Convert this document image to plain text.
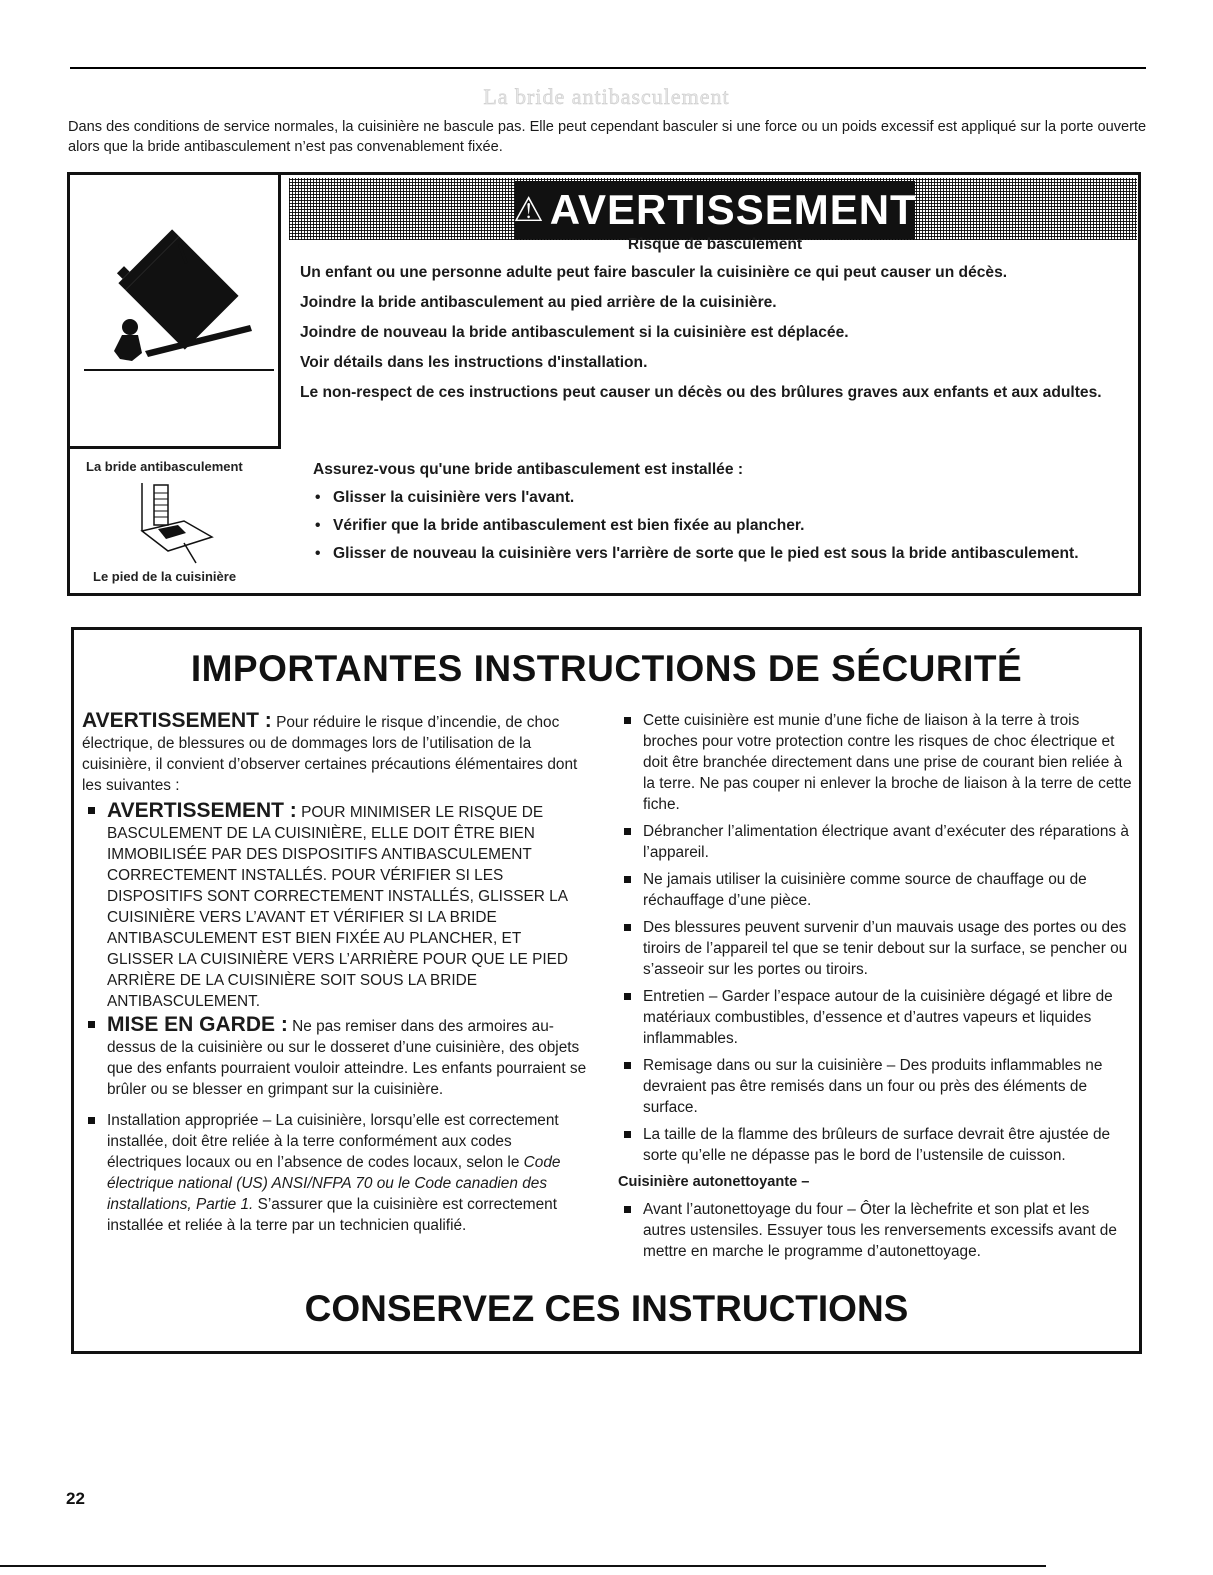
La bride antibasculement
Dans des conditions de service normales, la cuisinière ne bascule pas. Elle peut cependant basculer si une force ou un poids excessif est appliqué sur la porte ouverte alors que la bride antibasculement n’est pas convenablement fixée.
⚠ AVERTISSEMENT

Risque de basculement

Un enfant ou une personne adulte peut faire basculer la cuisinière ce qui peut causer un décès.

Joindre la bride antibasculement au pied arrière de la cuisinière.

Joindre de nouveau la bride antibasculement si la cuisinière est déplacée.

Voir détails dans les instructions d'installation.

Le non-respect de ces instructions peut causer un décès ou des brûlures graves aux enfants et aux adultes.

La bride antibasculement
Le pied de la cuisinière

Assurez-vous qu'une bride antibasculement est installée :

• Glisser la cuisinière vers l'avant.
• Vérifier que la bride antibasculement est bien fixée au plancher.
• Glisser de nouveau la cuisinière vers l'arrière de sorte que le pied est sous la bride antibasculement.
IMPORTANTES INSTRUCTIONS DE SÉCURITÉ

AVERTISSEMENT : Pour réduire le risque d’incendie, de choc électrique, de blessures ou de dommages lors de l’utilisation de la cuisinière, il convient d’observer certaines précautions élémentaires dont les suivantes :

AVERTISSEMENT : POUR MINIMISER LE RISQUE DE BASCULEMENT DE LA CUISINIÈRE, ELLE DOIT ÊTRE BIEN IMMOBILISÉE PAR DES DISPOSITIFS ANTIBASCULEMENT CORRECTEMENT INSTALLÉS. POUR VÉRIFIER SI LES DISPOSITIFS SONT CORRECTEMENT INSTALLÉS, GLISSER LA CUISINIÈRE VERS L’AVANT ET VÉRIFIER SI LA BRIDE ANTIBASCULEMENT EST BIEN FIXÉE AU PLANCHER, ET GLISSER LA CUISINIÈRE VERS L’ARRIÈRE POUR QUE LE PIED ARRIÈRE DE LA CUISINIÈRE SOIT SOUS LA BRIDE ANTIBASCULEMENT.

MISE EN GARDE : Ne pas remiser dans des armoires au-dessus de la cuisinière ou sur le dosseret d’une cuisinière, des objets que des enfants pourraient vouloir atteindre. Les enfants pourraient se brûler ou se blesser en grimpant sur la cuisinière.

Installation appropriée – La cuisinière, lorsqu’elle est correctement installée, doit être reliée à la terre conformément aux codes électriques locaux ou en l’absence de codes locaux, selon le Code électrique national (US) ANSI/NFPA 70 ou le Code canadien des installations, Partie 1. S’assurer que la cuisinière est correctement installée et reliée à la terre par un technicien qualifié.

Cette cuisinière est munie d’une fiche de liaison à la terre à trois broches pour votre protection contre les risques de choc électrique et doit être branchée directement dans une prise de courant bien reliée à la terre. Ne pas couper ni enlever la broche de liaison à la terre de cette fiche.

Débrancher l’alimentation électrique avant d’exécuter des réparations à l’appareil.

Ne jamais utiliser la cuisinière comme source de chauffage ou de réchauffage d’une pièce.

Des blessures peuvent survenir d’un mauvais usage des portes ou des tiroirs de l’appareil tel que se tenir debout sur la surface, se pencher ou s’asseoir sur les portes ou tiroirs.

Entretien – Garder l’espace autour de la cuisinière dégagé et libre de matériaux combustibles, d’essence et d’autres vapeurs et liquides inflammables.

Remisage dans ou sur la cuisinière – Des produits inflammables ne devraient pas être remisés dans un four ou près des éléments de surface.

La taille de la flamme des brûleurs de surface devrait être ajustée de sorte qu’elle ne dépasse pas le bord de l’ustensile de cuisson.

Cuisinière autonettoyante –

Avant l’autonettoyage du four – Ôter la lèchefrite et son plat et les autres ustensiles. Essuyer tous les renversements excessifs avant de mettre en marche le programme d’autonettoyage.

CONSERVEZ CES INSTRUCTIONS
22
